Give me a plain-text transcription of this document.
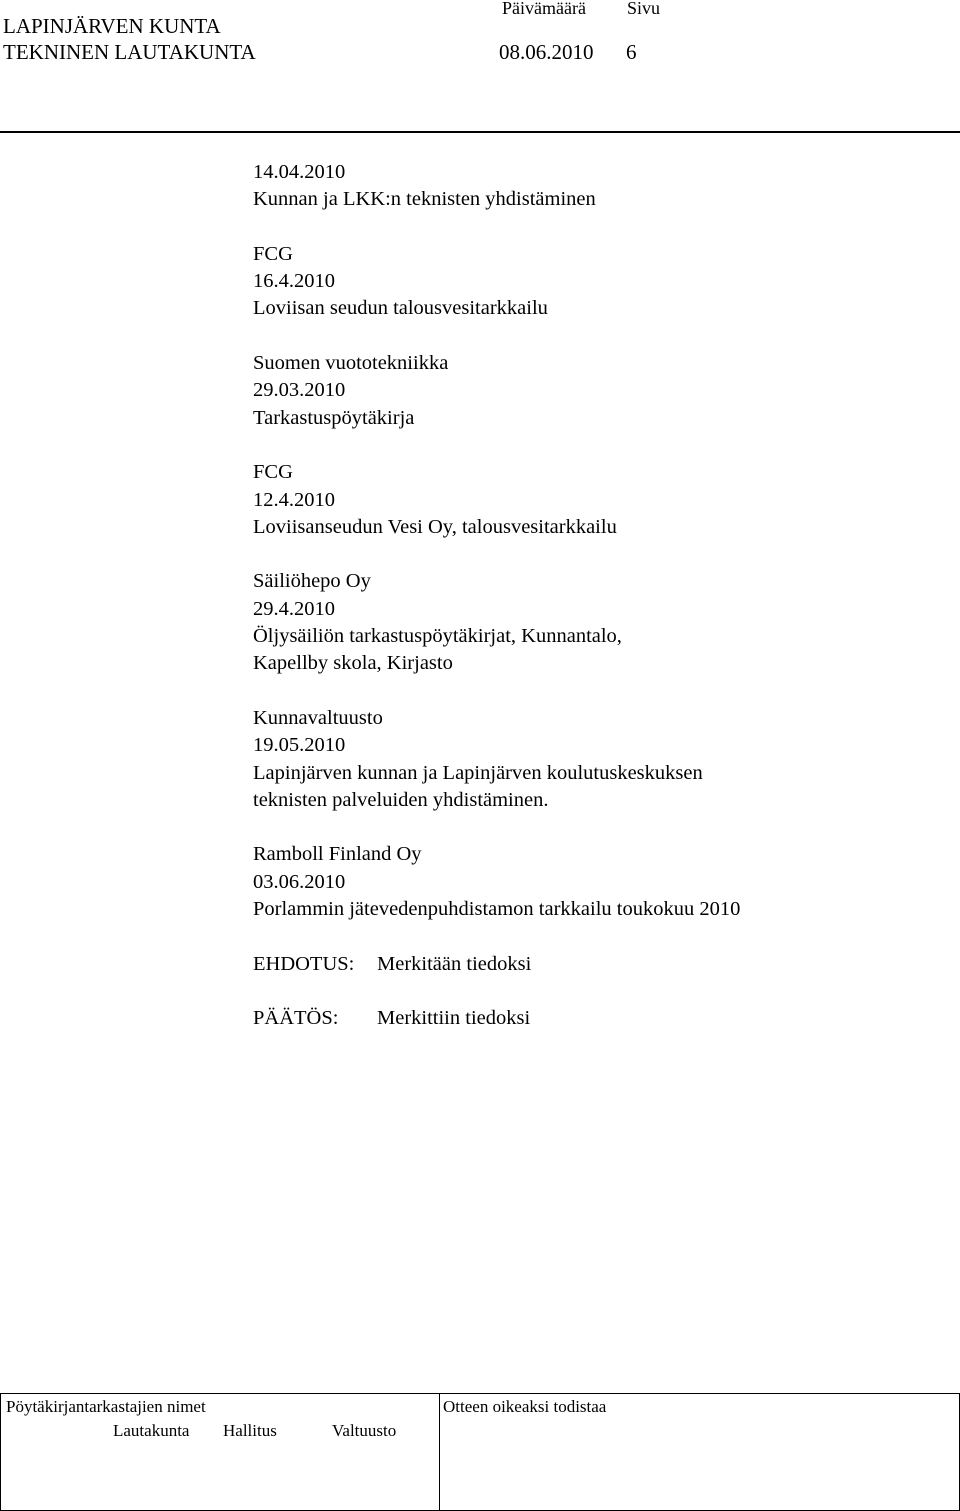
LAPINJÄRVEN KUNTA
TEKNINEN LAUTAKUNTA
Päivämäärä Sivu
08.06.2010 6
14.04.2010
Kunnan ja LKK:n teknisten yhdistäminen
FCG
16.4.2010
Loviisan seudun talousvesitarkkailu
Suomen vuototekniikka
29.03.2010
Tarkastuspöytäkirja
FCG
12.4.2010
Loviisanseudun Vesi Oy, talousvesitarkkailu
Säiliöhepo Oy
29.4.2010
Öljysäiliön tarkastuspöytäkirjat, Kunnantalo,
Kapellby skola, Kirjasto
Kunnavaltuusto
19.05.2010
Lapinjärven kunnan ja Lapinjärven koulutuskeskuksen
teknisten palveluiden yhdistäminen.
Ramboll Finland Oy
03.06.2010
Porlammin jätevedenpuhdistamon tarkkailu toukokuu 2010
EHDOTUS:	Merkitään tiedoksi
PÄÄTÖS:	Merkittiin tiedoksi
Pöytäkirjantarkastajien nimet
Lautakunta Hallitus	Valtuusto
Otteen oikeaksi todistaa
